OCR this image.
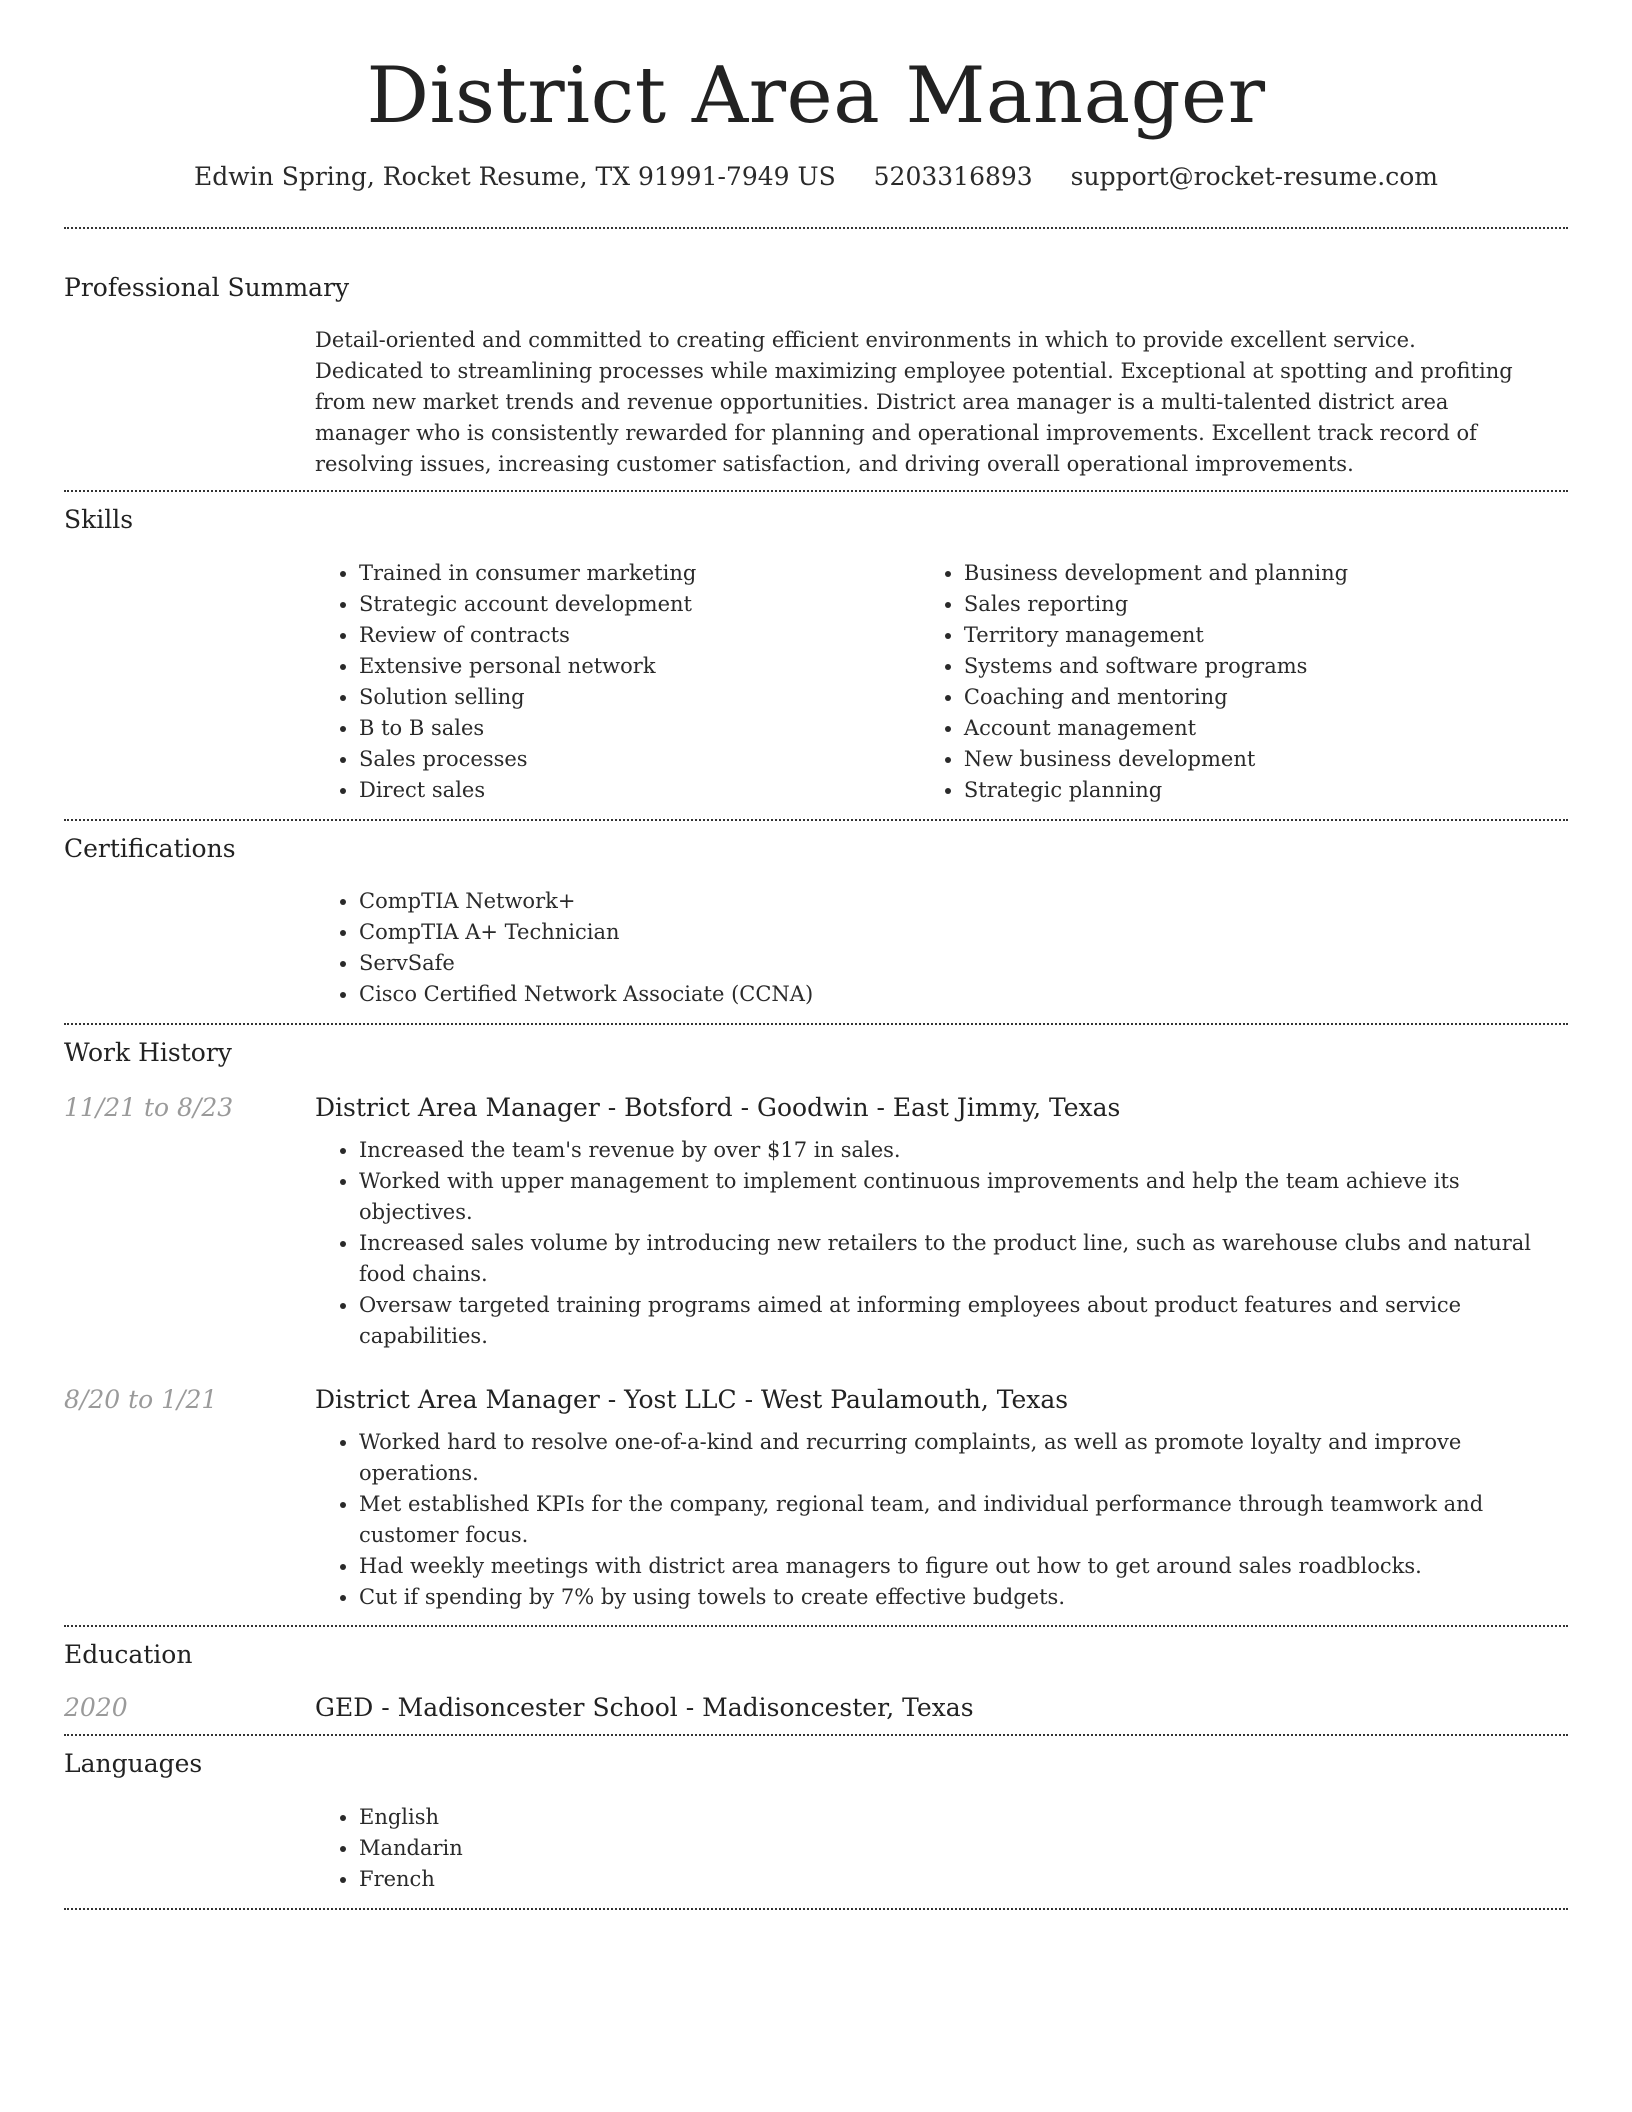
District Area Manager
Edwin Spring, Rocket Resume, TX 91991-7949 US 5203316893 support@rocket-resume.com
Professional Summary

Detail-oriented and committed to creating efficient environments in which to provide excellent service. Dedicated to streamlining processes while maximizing employee potential. Exceptional at spotting and profiting from new market trends and revenue opportunities. District area manager is a multi-talented district area manager who is consistently rewarded for planning and operational improvements. Excellent track record of resolving issues, increasing customer satisfaction, and driving overall operational improvements.

Skills
• Trained in consumer marketing
• Strategic account development
• Review of contracts
• Extensive personal network
• Solution selling
• B to B sales
• Sales processes
• Direct sales
• Business development and planning
• Sales reporting
• Territory management
• Systems and software programs
• Coaching and mentoring
• Account management
• New business development
• Strategic planning
Certifications
• CompTIA Network+
• CompTIA A+ Technician
• ServSafe
• Cisco Certified Network Associate (CCNA)
Work History
11/21 to 8/23	District Area Manager - Botsford - Goodwin - East Jimmy, Texas
• Increased the team's revenue by over $17 in sales.
• Worked with upper management to implement continuous improvements and help the team achieve its objectives.
• Increased sales volume by introducing new retailers to the product line, such as warehouse clubs and natural food chains.
• Oversaw targeted training programs aimed at informing employees about product features and service capabilities.
8/20 to 1/21	District Area Manager - Yost LLC - West Paulamouth, Texas
• Worked hard to resolve one-of-a-kind and recurring complaints, as well as promote loyalty and improve operations.
• Met established KPIs for the company, regional team, and individual performance through teamwork and customer focus.
• Had weekly meetings with district area managers to figure out how to get around sales roadblocks.
• Cut if spending by 7% by using towels to create effective budgets.
Education
2020	GED - Madisoncester School - Madisoncester, Texas
Languages
• English
• Mandarin
• French
